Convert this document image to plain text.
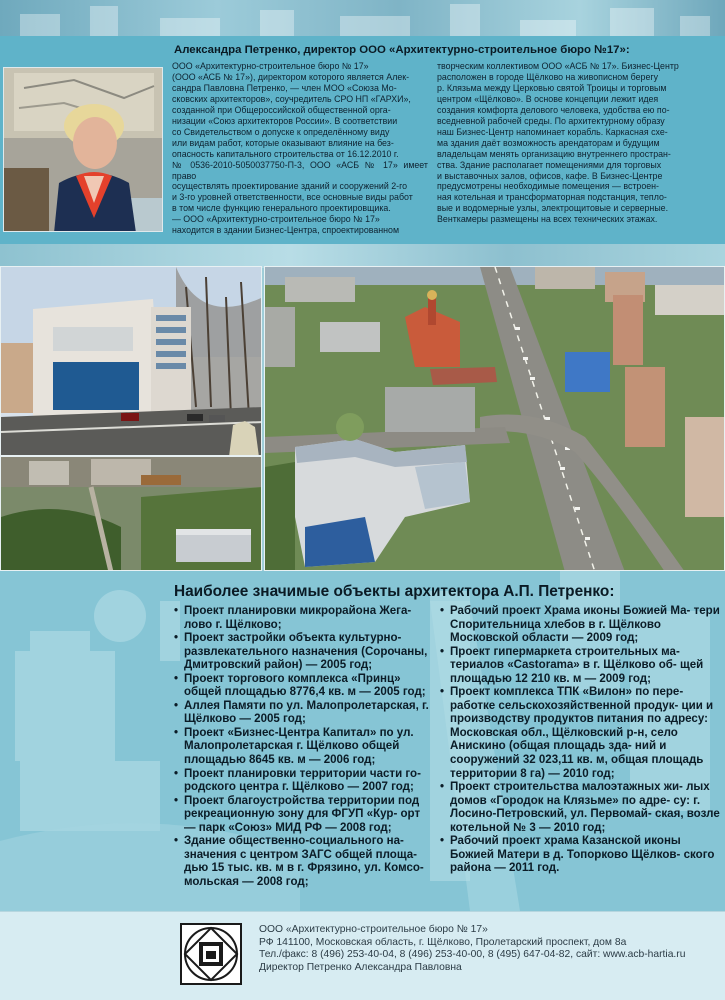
Александра Петренко, директор ООО «Архитектурно-строительное бюро №17»:
ООО «Архитектурно-строительное бюро № 17»
(ООО «АСБ № 17»), директором которого является Алек-
сандра Павловна Петренко, — член МОО «Союза Мо-
сковских архитекторов», соучредитель СРО НП «ГАРХИ»,
созданной при Общероссийской общественной орга-
низации «Союз архитекторов России». В соответствии
со Свидетельством о допуске к определённому виду
или видам работ, которые оказывают влияние на без-
опасность капитального строительства от 16.12.2010 г.
№ 0536-2010-5050037750-П-3, ООО «АСБ № 17» имеет право
осуществлять проектирование зданий и сооружений 2-го
и 3-го уровней ответственности, все основные виды работ
в том числе функцию генерального проектировщика.
— ООО «Архитектурно-строительное бюро № 17»
находится в здании Бизнес-Центра, спроектированном
творческим коллективом ООО «АСБ № 17». Бизнес-Центр
расположен в городе Щёлково на живописном берегу
р. Клязьма между Церковью святой Троицы и торговым
центром «Щёлково». В основе концепции лежит идея
создания комфорта делового человека, удобства ею по-
вседневной рабочей среды. По архитектурному образу
наш Бизнес-Центр напоминает корабль. Каркасная схе-
ма здания даёт возможность арендаторам и будущим
владельцам менять организацию внутреннего простран-
ства. Здание располагает помещениями для торговых
и выставочных залов, офисов, кафе. В Бизнес-Центре
предусмотрены необходимые помещения — встроен-
ная котельная и трансформаторная подстанция, тепло-
вые и водомерные узлы, электрощитовые и серверные.
Венткамеры размещены на всех технических этажах.
Наиболее значимые объекты архитектора А.П. Петренко:
• Проект планировки микрорайона Жега- лово г. Щёлково;
• Проект застройки объекта культурно- развлекательного назначения (Сорочаны, Дмитровский район) — 2005 год;
• Проект торгового комплекса «Принц» общей площадью 8776,4 кв. м — 2005 год;
• Аллея Памяти по ул. Малопролетарская, г. Щёлково — 2005 год;
• Проект «Бизнес-Центра Капитал» по ул. Малопролетарская г. Щёлково общей площадью 8645 кв. м — 2006 год;
• Проект планировки территории части го- родского центра г. Щёлково — 2007 год;
• Проект благоустройства территории под рекреационную зону для ФГУП «Кур- орт — парк «Союз» МИД РФ — 2008 год;
• Здание общественно-социального на- значения с центром ЗАГС общей площа- дью 15 тыс. кв. м в г. Фрязино, ул. Комсо- мольская — 2008 год;
• Рабочий проект Храма иконы Божией Ма- тери Спорительница хлебов в г. Щёлково Московской области — 2009 год;
• Проект гипермаркета строительных ма- териалов «Castorama» в г. Щёлково об- щей площадью 12 210 кв. м — 2009 год;
• Проект комплекса ТПК «Вилон» по пере- работке сельскохозяйственной продук- ции и производству продуктов питания по адресу: Московская обл., Щёлковский р-н, село Анискино (общая площадь зда- ний и сооружений 32 023,11 кв. м, общая площадь территории 8 га) — 2010 год;
• Проект строительства малоэтажных жи- лых домов «Городок на Клязьме» по адре- су: г. Лосино-Петровский, ул. Первомай- ская, возле котельной № 3 — 2010 год;
• Рабочий проект храма Казанской иконы Божией Матери в д. Топорково Щёлков- ского района — 2011 год.
ООО «Архитектурно-строительное бюро № 17»
РФ 141100, Московская область, г. Щёлково, Пролетарский проспект, дом 8а
Тел./факс: 8 (496) 253-40-04, 8 (496) 253-40-00, 8 (495) 647-04-82, сайт: www.acb-hartia.ru
Директор Петренко Александра Павловна
